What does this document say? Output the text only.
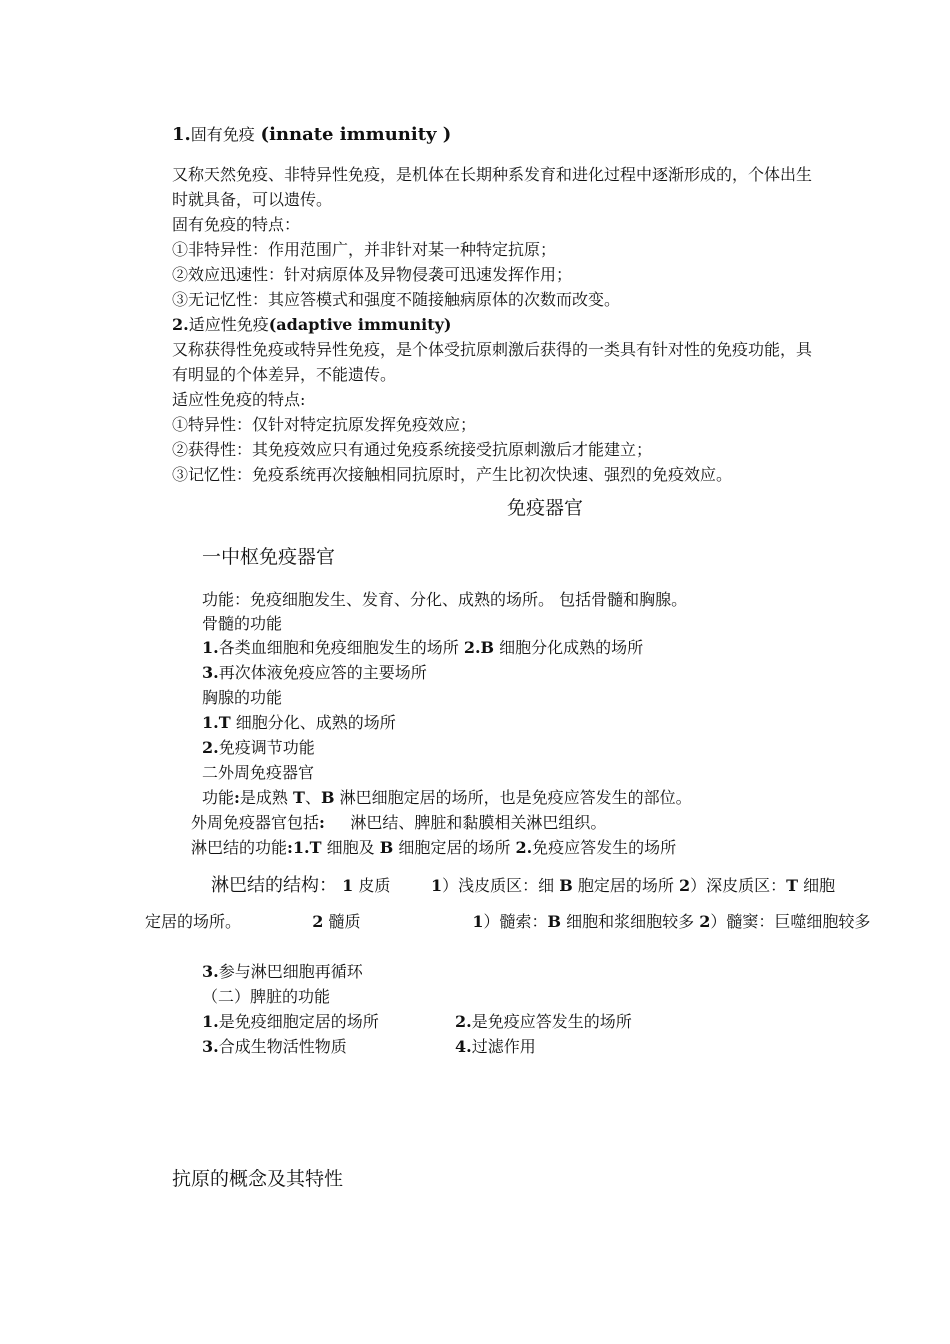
1.固有免疫 (innate immunity )
又称天然免疫、非特异性免疫，是机体在长期种系发育和进化过程中逐渐形成的，个体出生
时就具备，可以遗传。
固有免疫的特点：
①非特异性：作用范围广，并非针对某一种特定抗原；
②效应迅速性：针对病原体及异物侵袭可迅速发挥作用；
③无记忆性：其应答模式和强度不随接触病原体的次数而改变。
2.适应性免疫(adaptive immunity)
又称获得性免疫或特异性免疫，是个体受抗原刺激后获得的一类具有针对性的免疫功能，具
有明显的个体差异，不能遗传。
适应性免疫的特点:
①特异性：仅针对特定抗原发挥免疫效应；
②获得性：其免疫效应只有通过免疫系统接受抗原刺激后才能建立；
③记忆性：免疫系统再次接触相同抗原时，产生比初次快速、强烈的免疫效应。
免疫器官
一中枢免疫器官
功能：免疫细胞发生、发育、分化、成熟的场所。 包括骨髓和胸腺。
骨髓的功能
1.各类血细胞和免疫细胞发生的场所 2.B 细胞分化成熟的场所
3.再次体液免疫应答的主要场所
胸腺的功能
1.T 细胞分化、成熟的场所
2.免疫调节功能
二外周免疫器官
功能:是成熟 T、B 淋巴细胞定居的场所，也是免疫应答发生的部位。
外周免疫器官包括: 淋巴结、脾脏和黏膜相关淋巴组织。
淋巴结的功能:1.T 细胞及 B 细胞定居的场所 2.免疫应答发生的场所
淋巴结的结构： 1 皮质	1）浅皮质区：细 B 胞定居的场所 2）深皮质区：T 细胞
定居的场所。	2 髓质	1）髓索：B 细胞和浆细胞较多 2）髓窦：巨噬细胞较多
3.参与淋巴细胞再循环
（二）脾脏的功能
1.是免疫细胞定居的场所	2.是免疫应答发生的场所
3.合成生物活性物质	4.过滤作用
抗原的概念及其特性
